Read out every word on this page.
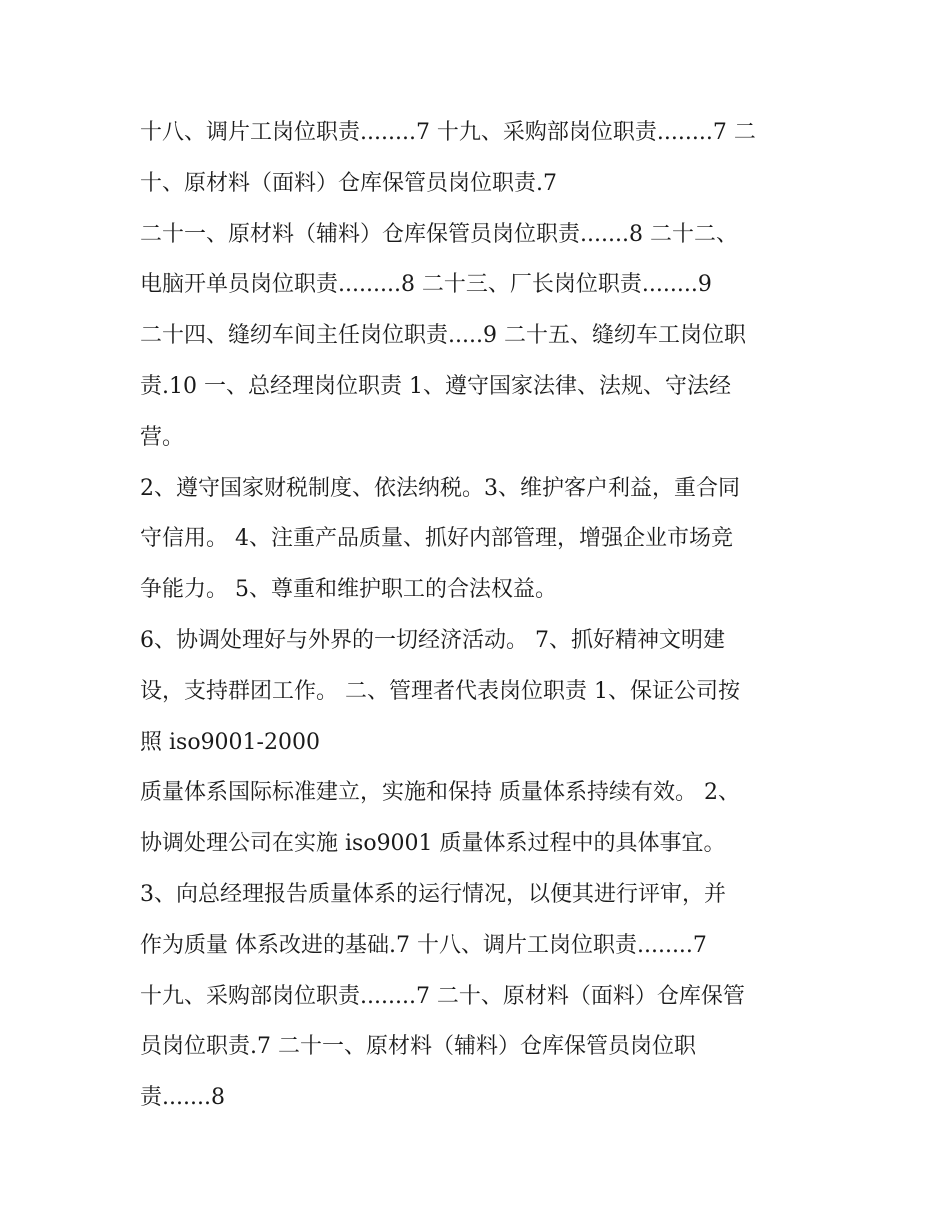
十八、调片工岗位职责........7 十九、采购部岗位职责........7 二
十、原材料（面料）仓库保管员岗位职责.7
二十一、原材料（辅料）仓库保管员岗位职责.......8 二十二、
电脑开单员岗位职责.........8 二十三、厂长岗位职责........9
二十四、缝纫车间主任岗位职责.....9 二十五、缝纫车工岗位职
责.10 一、总经理岗位职责 1、遵守国家法律、法规、守法经
营。
2、遵守国家财税制度、依法纳税。3、维护客户利益，重合同
守信用。 4、注重产品质量、抓好内部管理，增强企业市场竞
争能力。 5、尊重和维护职工的合法权益。
6、协调处理好与外界的一切经济活动。 7、抓好精神文明建
设，支持群团工作。 二、管理者代表岗位职责 1、保证公司按
照 iso9001-2000
质量体系国际标准建立，实施和保持 质量体系持续有效。 2、
协调处理公司在实施 iso9001 质量体系过程中的具体事宜。
3、向总经理报告质量体系的运行情况，以便其进行评审，并
作为质量 体系改进的基础.7 十八、调片工岗位职责........7
十九、采购部岗位职责........7 二十、原材料（面料）仓库保管
员岗位职责.7 二十一、原材料（辅料）仓库保管员岗位职
责.......8
